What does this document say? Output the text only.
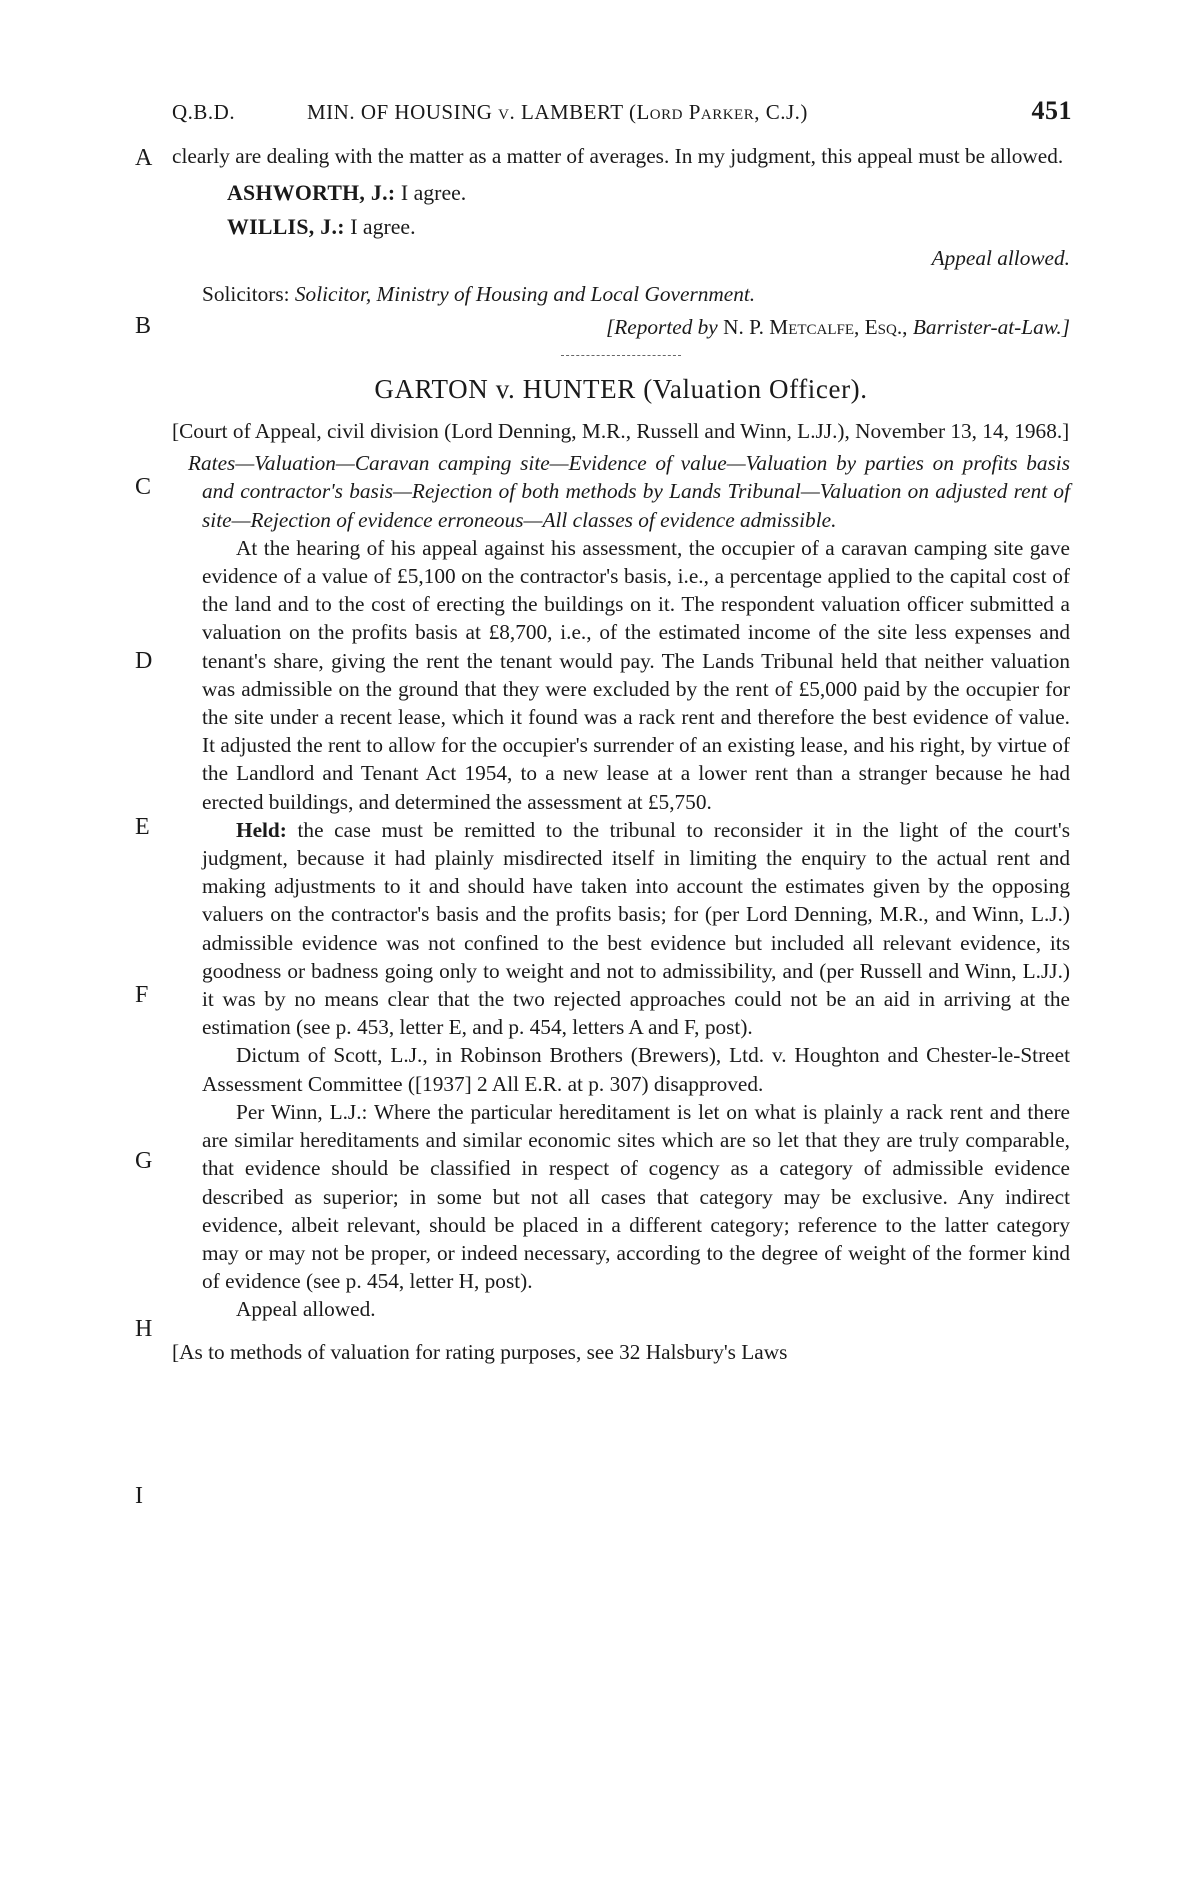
Q.B.D.	MIN. OF HOUSING v. LAMBERT (Lord Parker, C.J.)	451
A
B
C
D
E
F
G
H
I

clearly are dealing with the matter as a matter of averages. In my judgment, this appeal must be allowed.

ASHWORTH, J.: I agree.

WILLIS, J.: I agree.

Appeal allowed.

Solicitors: Solicitor, Ministry of Housing and Local Government.

[Reported by N. P. Metcalfe, Esq., Barrister-at-Law.]

GARTON v. HUNTER (Valuation Officer).

[Court of Appeal, civil division (Lord Denning, M.R., Russell and Winn, L.JJ.), November 13, 14, 1968.]

Rates—Valuation—Caravan camping site—Evidence of value—Valuation by parties on profits basis and contractor's basis—Rejection of both methods by Lands Tribunal—Valuation on adjusted rent of site—Rejection of evidence erroneous—All classes of evidence admissible.

At the hearing of his appeal against his assessment, the occupier of a caravan camping site gave evidence of a value of £5,100 on the contractor's basis, i.e., a percentage applied to the capital cost of the land and to the cost of erecting the buildings on it. The respondent valuation officer submitted a valuation on the profits basis at £8,700, i.e., of the estimated income of the site less expenses and tenant's share, giving the rent the tenant would pay. The Lands Tribunal held that neither valuation was admissible on the ground that they were excluded by the rent of £5,000 paid by the occupier for the site under a recent lease, which it found was a rack rent and therefore the best evidence of value. It adjusted the rent to allow for the occupier's surrender of an existing lease, and his right, by virtue of the Landlord and Tenant Act 1954, to a new lease at a lower rent than a stranger because he had erected buildings, and determined the assessment at £5,750.

Held: the case must be remitted to the tribunal to reconsider it in the light of the court's judgment, because it had plainly misdirected itself in limiting the enquiry to the actual rent and making adjustments to it and should have taken into account the estimates given by the opposing valuers on the contractor's basis and the profits basis; for (per Lord Denning, M.R., and Winn, L.J.) admissible evidence was not confined to the best evidence but included all relevant evidence, its goodness or badness going only to weight and not to admissibility, and (per Russell and Winn, L.JJ.) it was by no means clear that the two rejected approaches could not be an aid in arriving at the estimation (see p. 453, letter E, and p. 454, letters A and F, post).

Dictum of Scott, L.J., in Robinson Brothers (Brewers), Ltd. v. Houghton and Chester-le-Street Assessment Committee ([1937] 2 All E.R. at p. 307) disapproved.

Per Winn, L.J.: Where the particular hereditament is let on what is plainly a rack rent and there are similar hereditaments and similar economic sites which are so let that they are truly comparable, that evidence should be classified in respect of cogency as a category of admissible evidence described as superior; in some but not all cases that category may be exclusive. Any indirect evidence, albeit relevant, should be placed in a different category; reference to the latter category may or may not be proper, or indeed necessary, according to the degree of weight of the former kind of evidence (see p. 454, letter H, post).

Appeal allowed.

[As to methods of valuation for rating purposes, see 32 Halsbury's Laws
